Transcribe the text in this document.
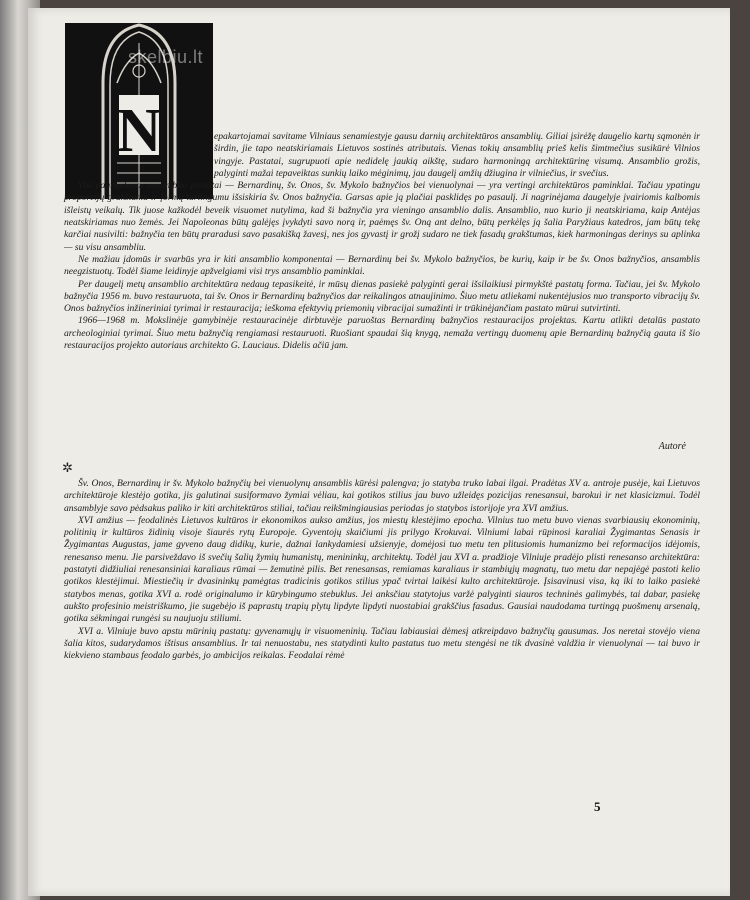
N
skelbiu.lt

epakartojamai savitame Vilniaus senamiestyje gausu darnių architektūros ansamblių. Giliai įsirėžę daugelio kartų sąmonėn ir širdin, jie tapo neatskiriamais Lietuvos sostinės atributais. Vienas tokių ansamblių prieš kelis šimtmečius susikūrė Vilnios vingyje. Pastatai, sugrupuoti apie nedidelę jaukią aikštę, sudaro harmoningą architektūrinę visumą. Ansamblio grožis, palyginti mažai tepaveiktas sunkių laiko mėginimų, jau daugelį amžių džiugina ir vilniečius, ir svečius.

Visi pagrindiniai ansamblio pastatai — Bernardinų, šv. Onos, šv. Mykolo bažnyčios bei vienuolynai — yra vertingi architektūros paminklai. Tačiau ypatingu proporcijų grakštumu ir formų turtingumu išsiskiria šv. Onos bažnyčia. Garsas apie ją plačiai pasklidęs po pasaulį. Ji nagrinėjama daugelyje įvairiomis kalbomis išleistų veikalų. Tik juose kažkodėl beveik visuomet nutylima, kad ši bažnyčia yra vieningo ansamblio dalis. Ansamblio, nuo kurio ji neatskiriama, kaip Antėjas neatskiriamas nuo žemės. Jei Napoleonas būtų galėjęs įvykdyti savo norą ir, paėmęs šv. Oną ant delno, būtų perkėlęs ją šalia Paryžiaus katedros, jam būtų tekę karčiai nusivilti: bažnyčia ten būtų praradusi savo pasakišką žavesį, nes jos gyvastį ir grožį sudaro ne tiek fasadų grakštumas, kiek harmoningas derinys su aplinka — su visu ansambliu.

Ne mažiau įdomūs ir svarbūs yra ir kiti ansamblio komponentai — Bernardinų bei šv. Mykolo bažnyčios, be kurių, kaip ir be šv. Onos bažnyčios, ansamblis neegzistuotų. Todėl šiame leidinyje apžvelgiami visi trys ansamblio paminklai.

Per daugelį metų ansamblio architektūra nedaug tepasikeitė, ir mūsų dienas pasiekė palyginti gerai išsilaikiusi pirmykštė pastatų forma. Tačiau, jei šv. Mykolo bažnyčia 1956 m. buvo restauruota, tai šv. Onos ir Bernardinų bažnyčios dar reikalingos atnaujinimo. Šiuo metu atliekami nukentėjusios nuo transporto vibracijų šv. Onos bažnyčios inžineriniai tyrimai ir restauracija; ieškoma efektyvių priemonių vibracijai sumažinti ir trūkinėjančiam pastato mūrui sutvirtinti.

1966—1968 m. Mokslinėje gamybinėje restauracinėje dirbtuvėje paruoštas Bernardinų bažnyčios restauracijos projektas. Kartu atlikti detalūs pastato archeologiniai tyrimai. Šiuo metu bažnyčią rengiamasi restauruoti. Ruošiant spaudai šią knygą, nemaža vertingų duomenų apie Bernardinų bažnyčią gauta iš šio restauracijos projekto autoriaus architekto G. Lauciaus. Didelis ačiū jam.

Autorė
✲

Šv. Onos, Bernardinų ir šv. Mykolo bažnyčių bei vienuolynų ansamblis kūrėsi palengva; jo statyba truko labai ilgai. Pradėtas XV a. antroje pusėje, kai Lietuvos architektūroje klestėjo gotika, jis galutinai susiformavo žymiai vėliau, kai gotikos stilius jau buvo užleidęs pozicijas renesansui, barokui ir net klasicizmui. Todėl ansamblyje savo pėdsakus paliko ir kiti architektūros stiliai, tačiau reikšmingiausias periodas jo statybos istorijoje yra XVI amžius.

XVI amžius — feodalinės Lietuvos kultūros ir ekonomikos aukso amžius, jos miestų klestėjimo epocha. Vilnius tuo metu buvo vienas svarbiausių ekonominių, politinių ir kultūros židinių visoje šiaurės rytų Europoje. Gyventojų skaičiumi jis prilygo Krokuvai. Vilniumi labai rūpinosi karaliai Žygimantas Senasis ir Žygimantas Augustas, jame gyveno daug didikų, kurie, dažnai lankydamiesi užsienyje, domėjosi tuo metu ten plitusiomis humanizmo bei reformacijos idėjomis, renesanso menu. Jie parsiveždavo iš svečių šalių žymių humanistų, menininkų, architektų. Todėl jau XVI a. pradžioje Vilniuje pradėjo plisti renesanso architektūra: pastatyti didžiuliai renesansiniai karaliaus rūmai — žemutinė pilis. Bet renesansas, remiamas karaliaus ir stambiųjų magnatų, tuo metu dar nepajėgė pastoti kelio gotikos klestėjimui. Miestiečių ir dvasininkų pamėgtas tradicinis gotikos stilius ypač tvirtai laikėsi kulto architektūroje. Įsisavinusi visa, ką iki to laiko pasiekė statybos menas, gotika XVI a. rodė originalumo ir kūrybingumo stebuklus. Jei anksčiau statytojus varžė palyginti siauros techninės galimybės, tai dabar, pasiekę aukšto profesinio meistriškumo, jie sugebėjo iš paprastų trapių plytų lipdyte lipdyti nuostabiai grakščius fasadus. Gausiai naudodama turtingą puošmenų arsenalą, gotika sėkmingai rungėsi su naujuoju stiliumi.

XVI a. Vilniuje buvo apstu mūrinių pastatų: gyvenamųjų ir visuomeninių. Tačiau labiausiai dėmesį atkreipdavo bažnyčių gausumas. Jos neretai stovėjo viena šalia kitos, sudarydamos ištisus ansamblius. Ir tai nenuostabu, nes statydinti kulto pastatus tuo metu stengėsi ne tik dvasinė valdžia ir vienuolynai — tai buvo ir kiekvieno stambaus feodalo garbės, jo ambicijos reikalas. Feodalai rėmė

5
